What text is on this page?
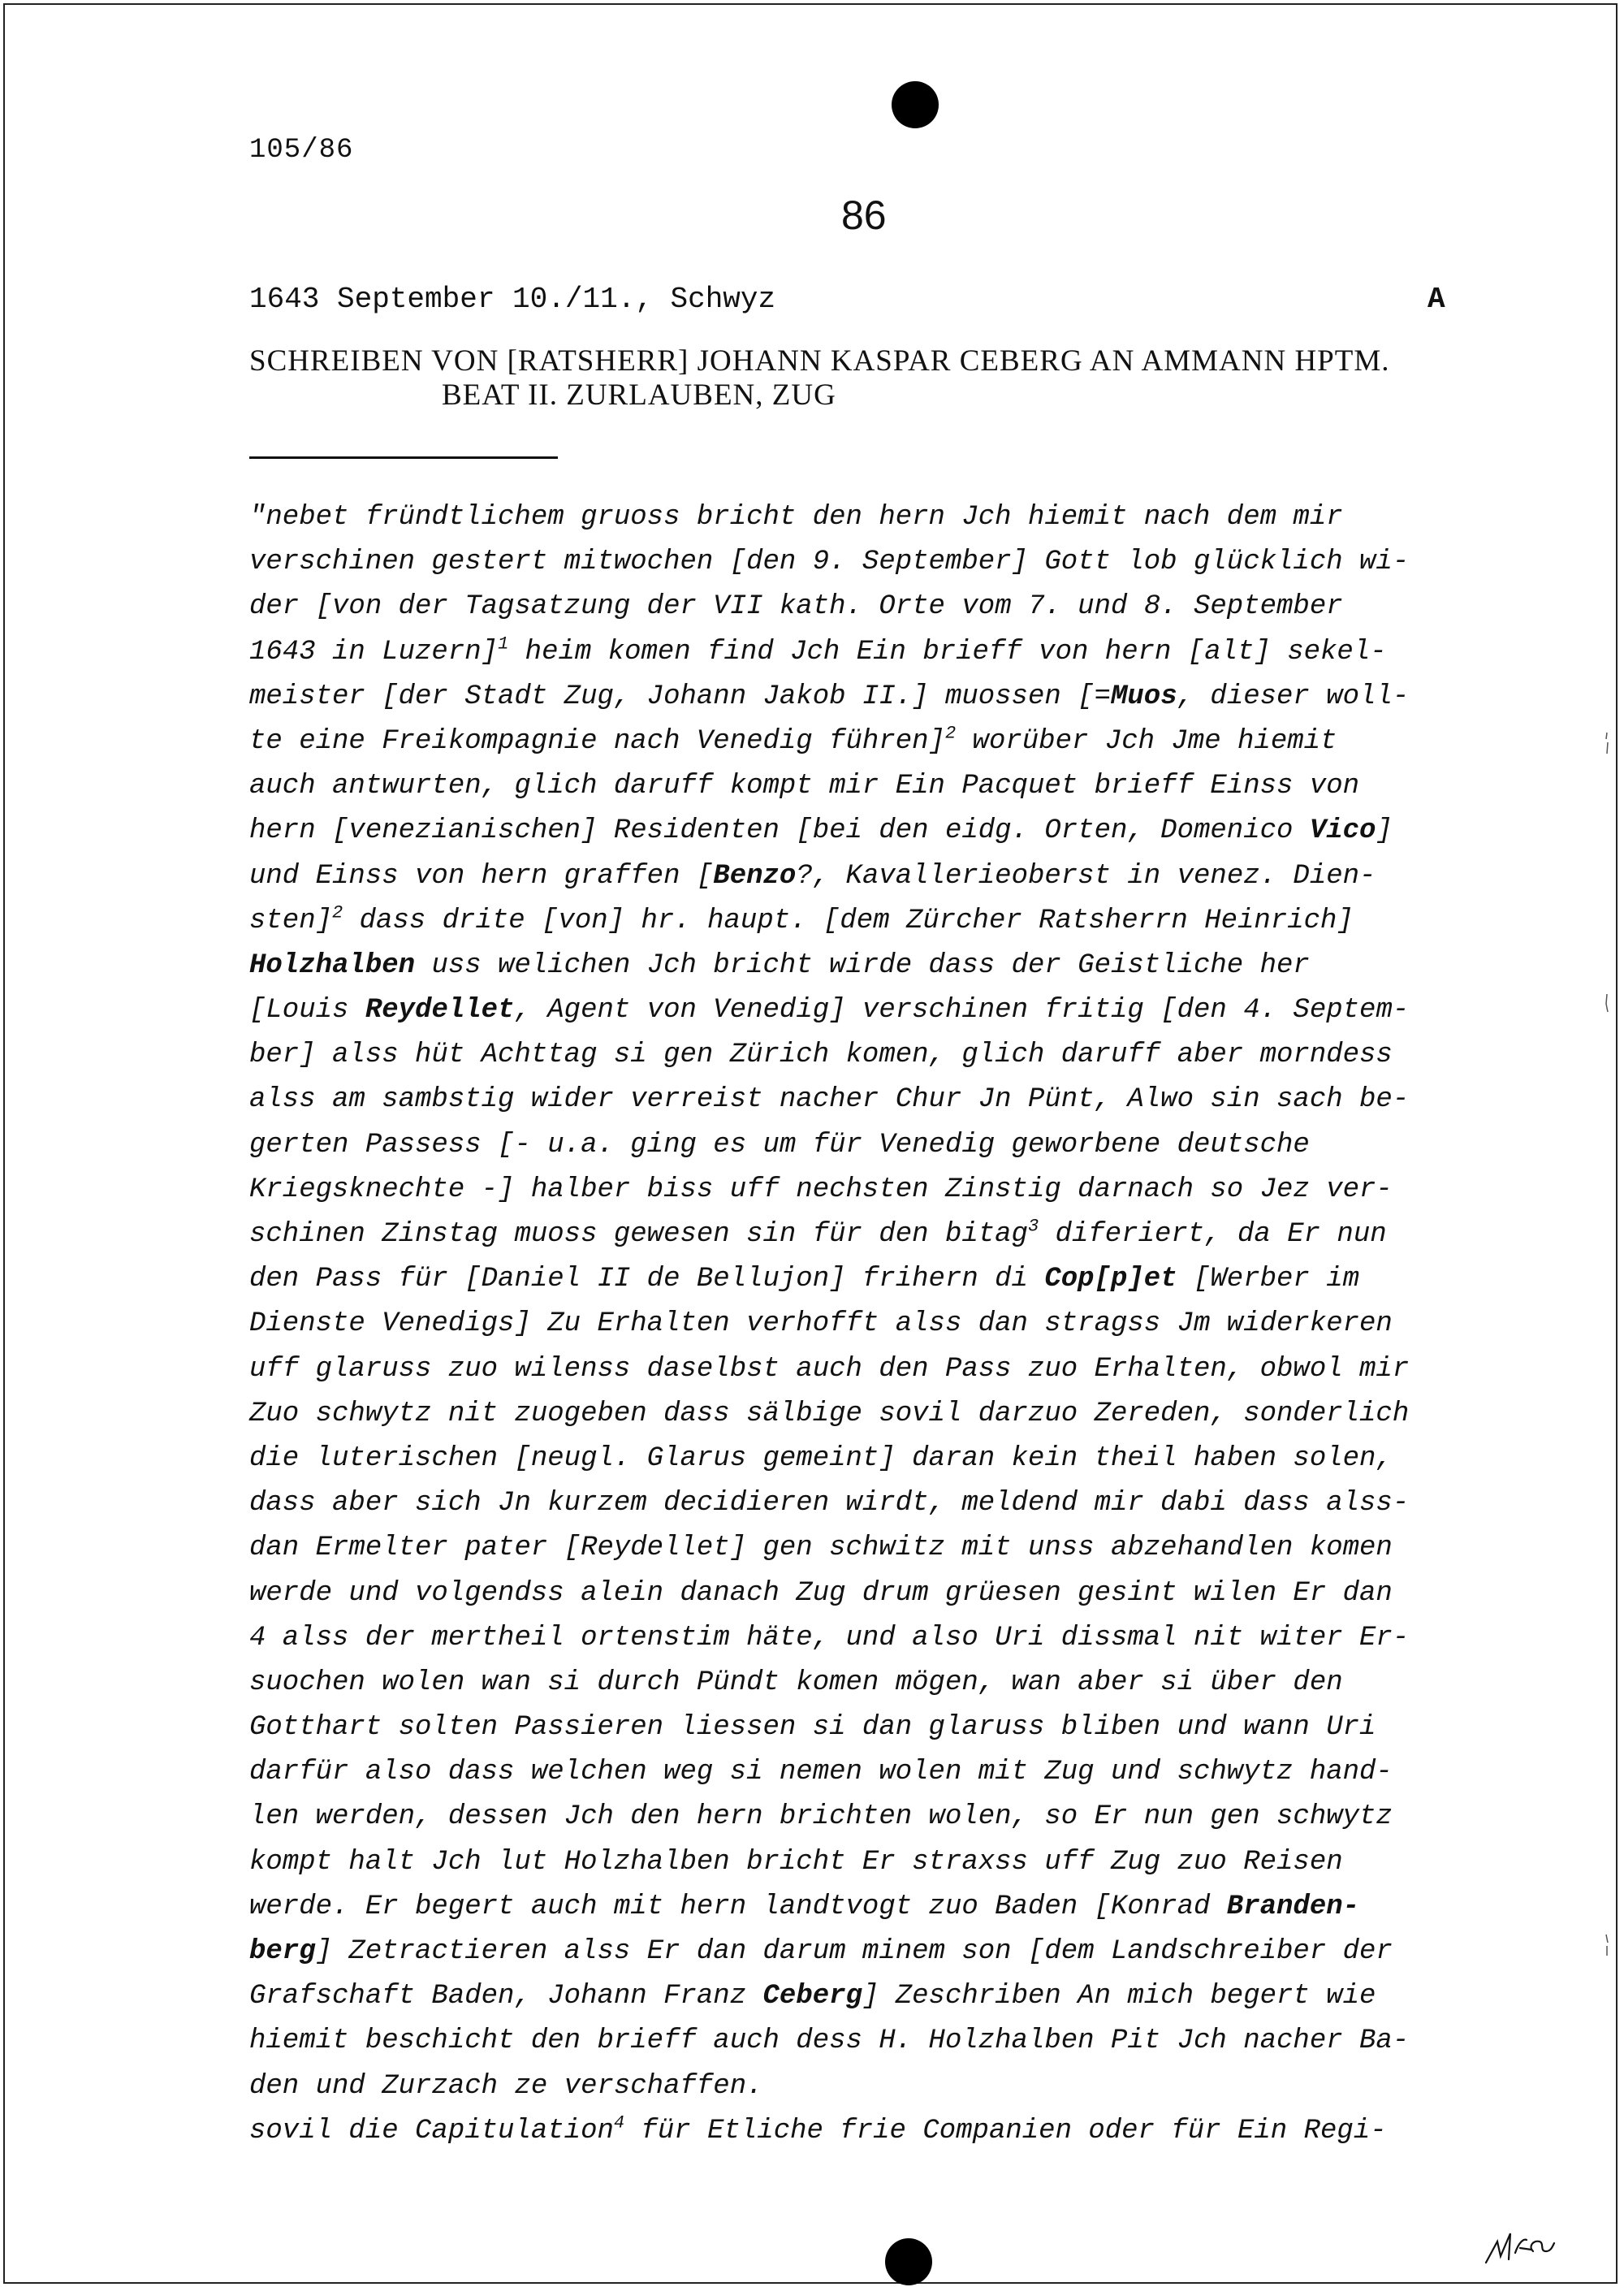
105/86
86
1643 September 10./11., Schwyz	A
SCHREIBEN VON [RATSHERR] JOHANN KASPAR CEBERG AN AMMANN HPTM.
BEAT II. ZURLAUBEN, ZUG
"nebet fründtlichem gruoss bricht den hern Jch hiemit nach dem mir
verschinen gestert mitwochen [den 9. September] Gott lob glücklich wi-
der [von der Tagsatzung der VII kath. Orte vom 7. und 8. September
1643 in Luzern]$^1$ heim komen find Jch Ein brieff von hern [alt] sekel-
meister [der Stadt Zug, Johann Jakob II.] muossen [=Muos, dieser woll-
te eine Freikompagnie nach Venedig führen]$^2$ worüber Jch Jme hiemit
auch antwurten, glich daruff kompt mir Ein Pacquet brieff Einss von
hern [venezianischen] Residenten [bei den eidg. Orten, Domenico Vico]
und Einss von hern graffen [Benzo?, Kavallerieoberst in venez. Dien-
sten]$^2$ dass drite [von] hr. haupt. [dem Zürcher Ratsherrn Heinrich]
Holzhalben uss welichen Jch bricht wirde dass der Geistliche her
[Louis Reydellet, Agent von Venedig] verschinen fritig [den 4. Septem-
ber] alss hüt Achttag si gen Zürich komen, glich daruff aber morndess
alss am sambstig wider verreist nacher Chur Jn Pünt, Alwo sin sach be-
gerten Passess [- u.a. ging es um für Venedig geworbene deutsche
Kriegsknechte -] halber biss uff nechsten Zinstig darnach so Jez ver-
schinen Zinstag muoss gewesen sin für den bitag$^3$ diferiert, da Er nun
den Pass für [Daniel II de Bellujon] frihern di Cop[p]et [Werber im
Dienste Venedigs] Zu Erhalten verhofft alss dan stragss Jm widerkeren
uff glaruss zuo wilenss daselbst auch den Pass zuo Erhalten, obwol mir
Zuo schwytz nit zuogeben dass sälbige sovil darzuo Zereden, sonderlich
die luterischen [neugl. Glarus gemeint] daran kein theil haben solen,
dass aber sich Jn kurzem decidieren wirdt, meldend mir dabi dass alss-
dan Ermelter pater [Reydellet] gen schwitz mit unss abzehandlen komen
werde und volgendss alein danach Zug drum grüesen gesint wilen Er dan
4 alss der mertheil ortenstim häte, und also Uri dissmal nit witer Er-
suochen wolen wan si durch Pündt komen mögen, wan aber si über den
Gotthart solten Passieren liessen si dan glaruss bliben und wann Uri
darfür also dass welchen weg si nemen wolen mit Zug und schwytz hand-
len werden, dessen Jch den hern brichten wolen, so Er nun gen schwytz
kompt halt Jch lut Holzhalben bricht Er straxss uff Zug zuo Reisen
werde. Er begert auch mit hern landtvogt zuo Baden [Konrad Branden-
berg] Zetractieren alss Er dan darum minem son [dem Landschreiber der
Grafschaft Baden, Johann Franz Ceberg] Zeschriben An mich begert wie
hiemit beschicht den brieff auch dess H. Holzhalben Pit Jch nacher Ba-
den und Zurzach ze verschaffen.
sovil die Capitulation$^4$ für Etliche frie Companien oder für Ein Regi-
